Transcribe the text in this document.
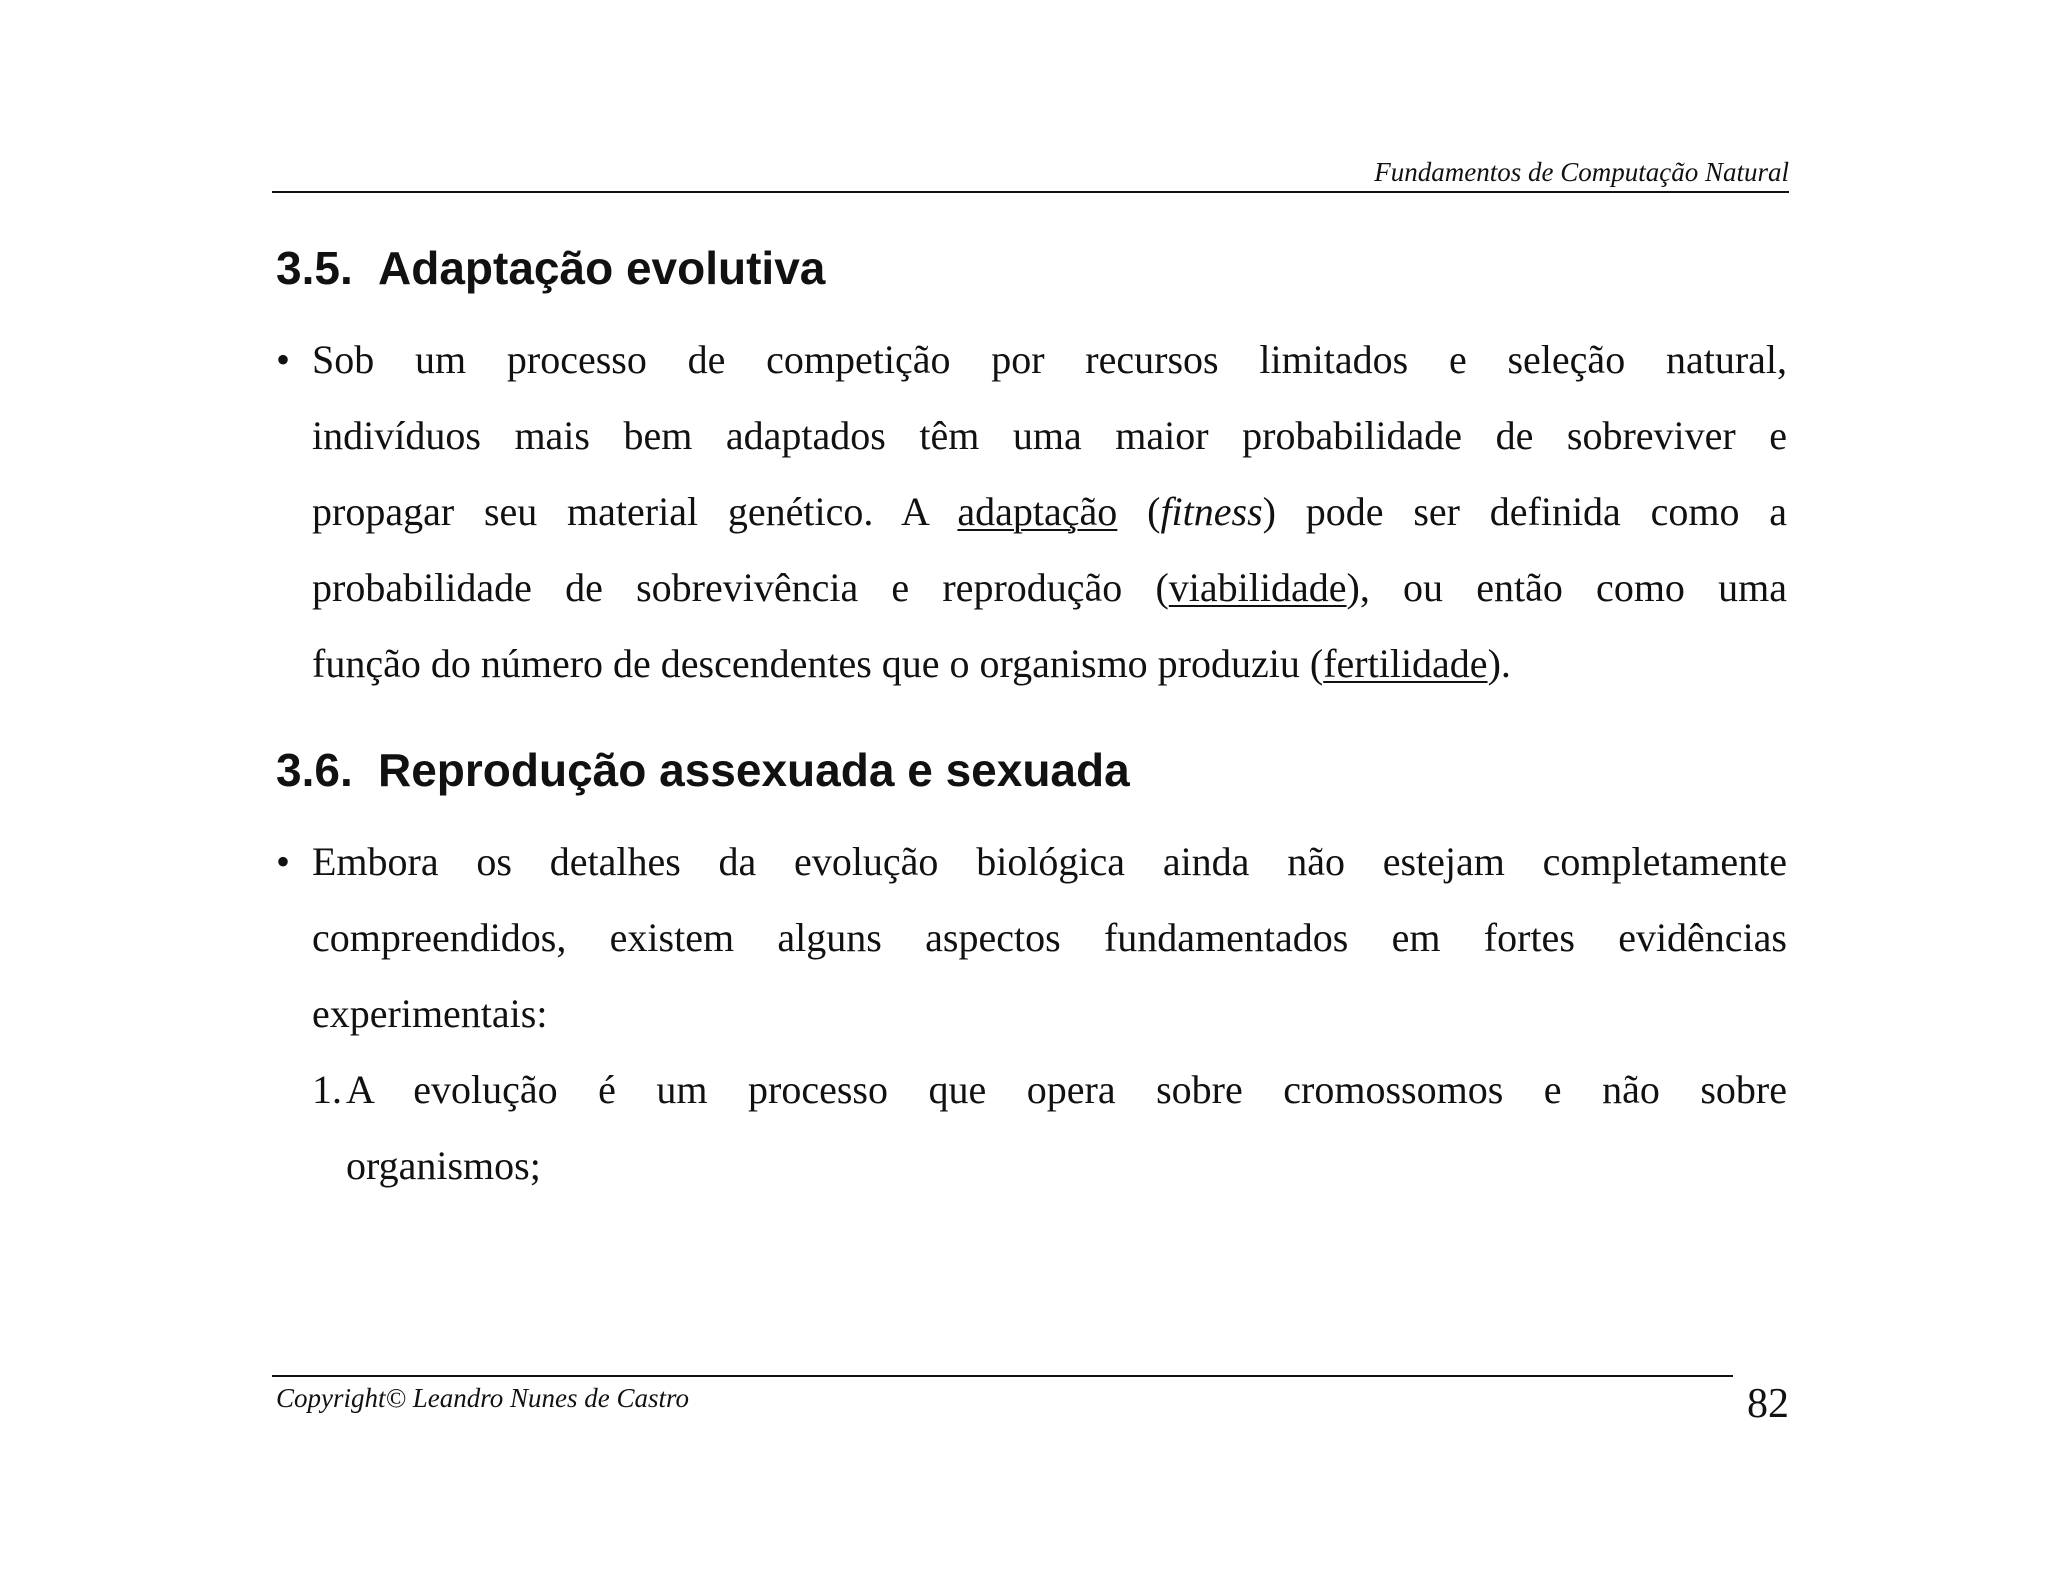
Fundamentos de Computação Natural
3.5. Adaptação evolutiva
• Sob um processo de competição por recursos limitados e seleção natural,
indivíduos mais bem adaptados têm uma maior probabilidade de sobreviver e
propagar seu material genético. A adaptação (fitness) pode ser definida como a
probabilidade de sobrevivência e reprodução (viabilidade), ou então como uma
função do número de descendentes que o organismo produziu (fertilidade).
3.6. Reprodução assexuada e sexuada
• Embora os detalhes da evolução biológica ainda não estejam completamente
compreendidos, existem alguns aspectos fundamentados em fortes evidências
experimentais:
1. A evolução é um processo que opera sobre cromossomos e não sobre
organismos;
Copyright© Leandro Nunes de Castro	82
